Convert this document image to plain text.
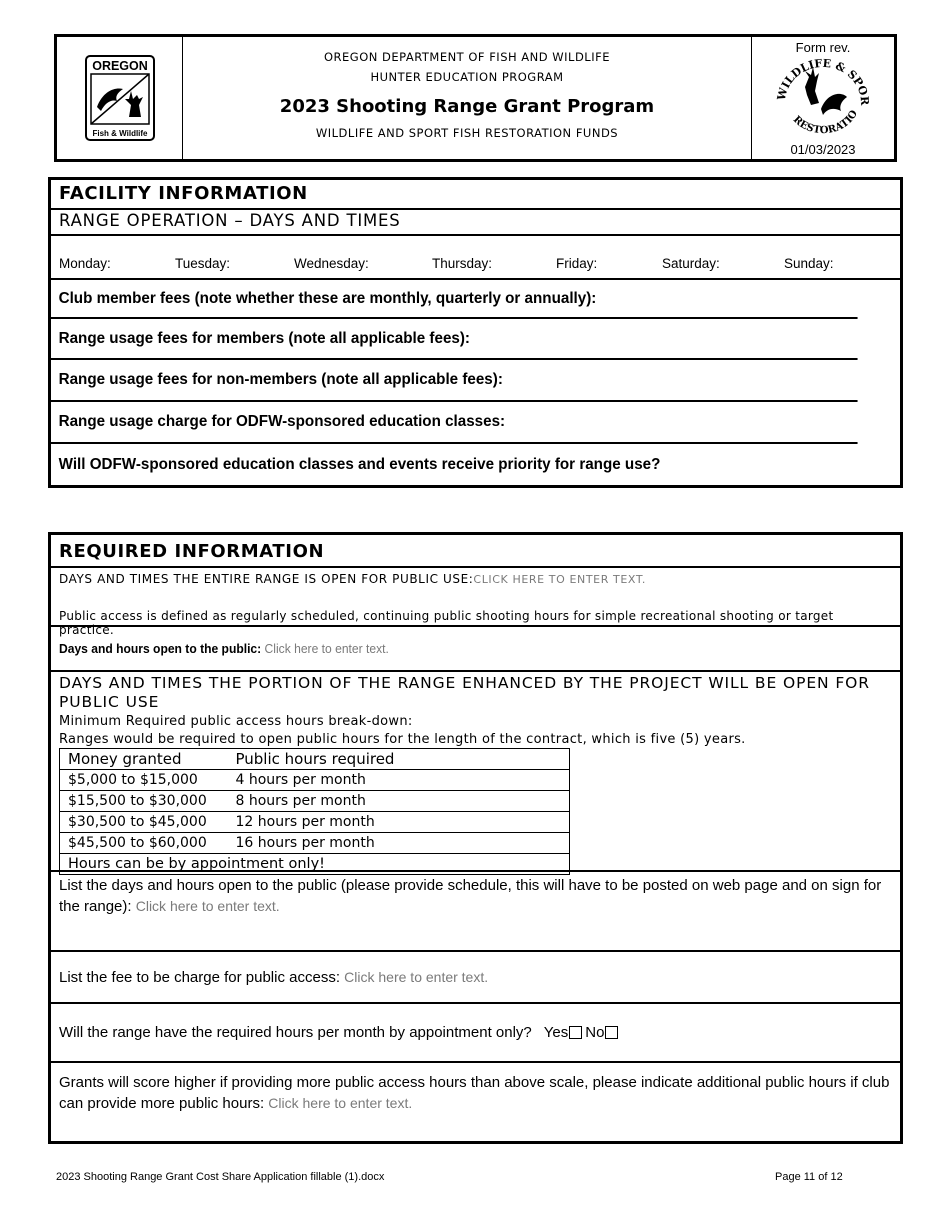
OREGON
Fish & Wildlife
OREGON DEPARTMENT OF FISH AND WILDLIFE
HUNTER EDUCATION PROGRAM
2023 Shooting Range Grant Program
WILDLIFE AND SPORT FISH RESTORATION FUNDS
Form rev.
WILDLIFE & SPOR
RESTORATIO
01/03/2023
FACILITY INFORMATION
RANGE OPERATION – DAYS AND TIMES
Monday:	Tuesday:	Wednesday:	Thursday:	Friday:	Saturday:	Sunday:
Club member fees (note whether these are monthly, quarterly or annually):
Range usage fees for members (note all applicable fees):
Range usage fees for non-members (note all applicable fees):
Range usage charge for ODFW-sponsored education classes:
Will ODFW-sponsored education classes and events receive priority for range use?
REQUIRED INFORMATION
DAYS AND TIMES THE ENTIRE RANGE IS OPEN FOR PUBLIC USE:CLICK HERE TO ENTER TEXT.
Public access is defined as regularly scheduled, continuing public shooting hours for simple recreational shooting or target practice.
Days and hours open to the public: Click here to enter text.
DAYS AND TIMES THE PORTION OF THE RANGE ENHANCED BY THE PROJECT WILL BE OPEN FOR PUBLIC USE
Minimum Required public access hours break-down:
Ranges would be required to open public hours for the length of the contract, which is five (5) years.
Money granted	Public hours required
$5,000 to $15,000	4 hours per month
$15,500 to $30,000	8 hours per month
$30,500 to $45,000	12 hours per month
$45,500 to $60,000	16 hours per month
Hours can be by appointment only!	
List the days and hours open to the public (please provide schedule, this will have to be posted on web page and on sign for the range): Click here to enter text.
List the fee to be charge for public access:
Click here to enter text.
Will the range have the required hours per month by appointment only? Yes No
Grants will score higher if providing more public access hours than above scale, please indicate additional public hours if club can provide more public hours: Click here to enter text.
2023 Shooting Range Grant Cost Share Application fillable (1).docx	Page 11 of 12
